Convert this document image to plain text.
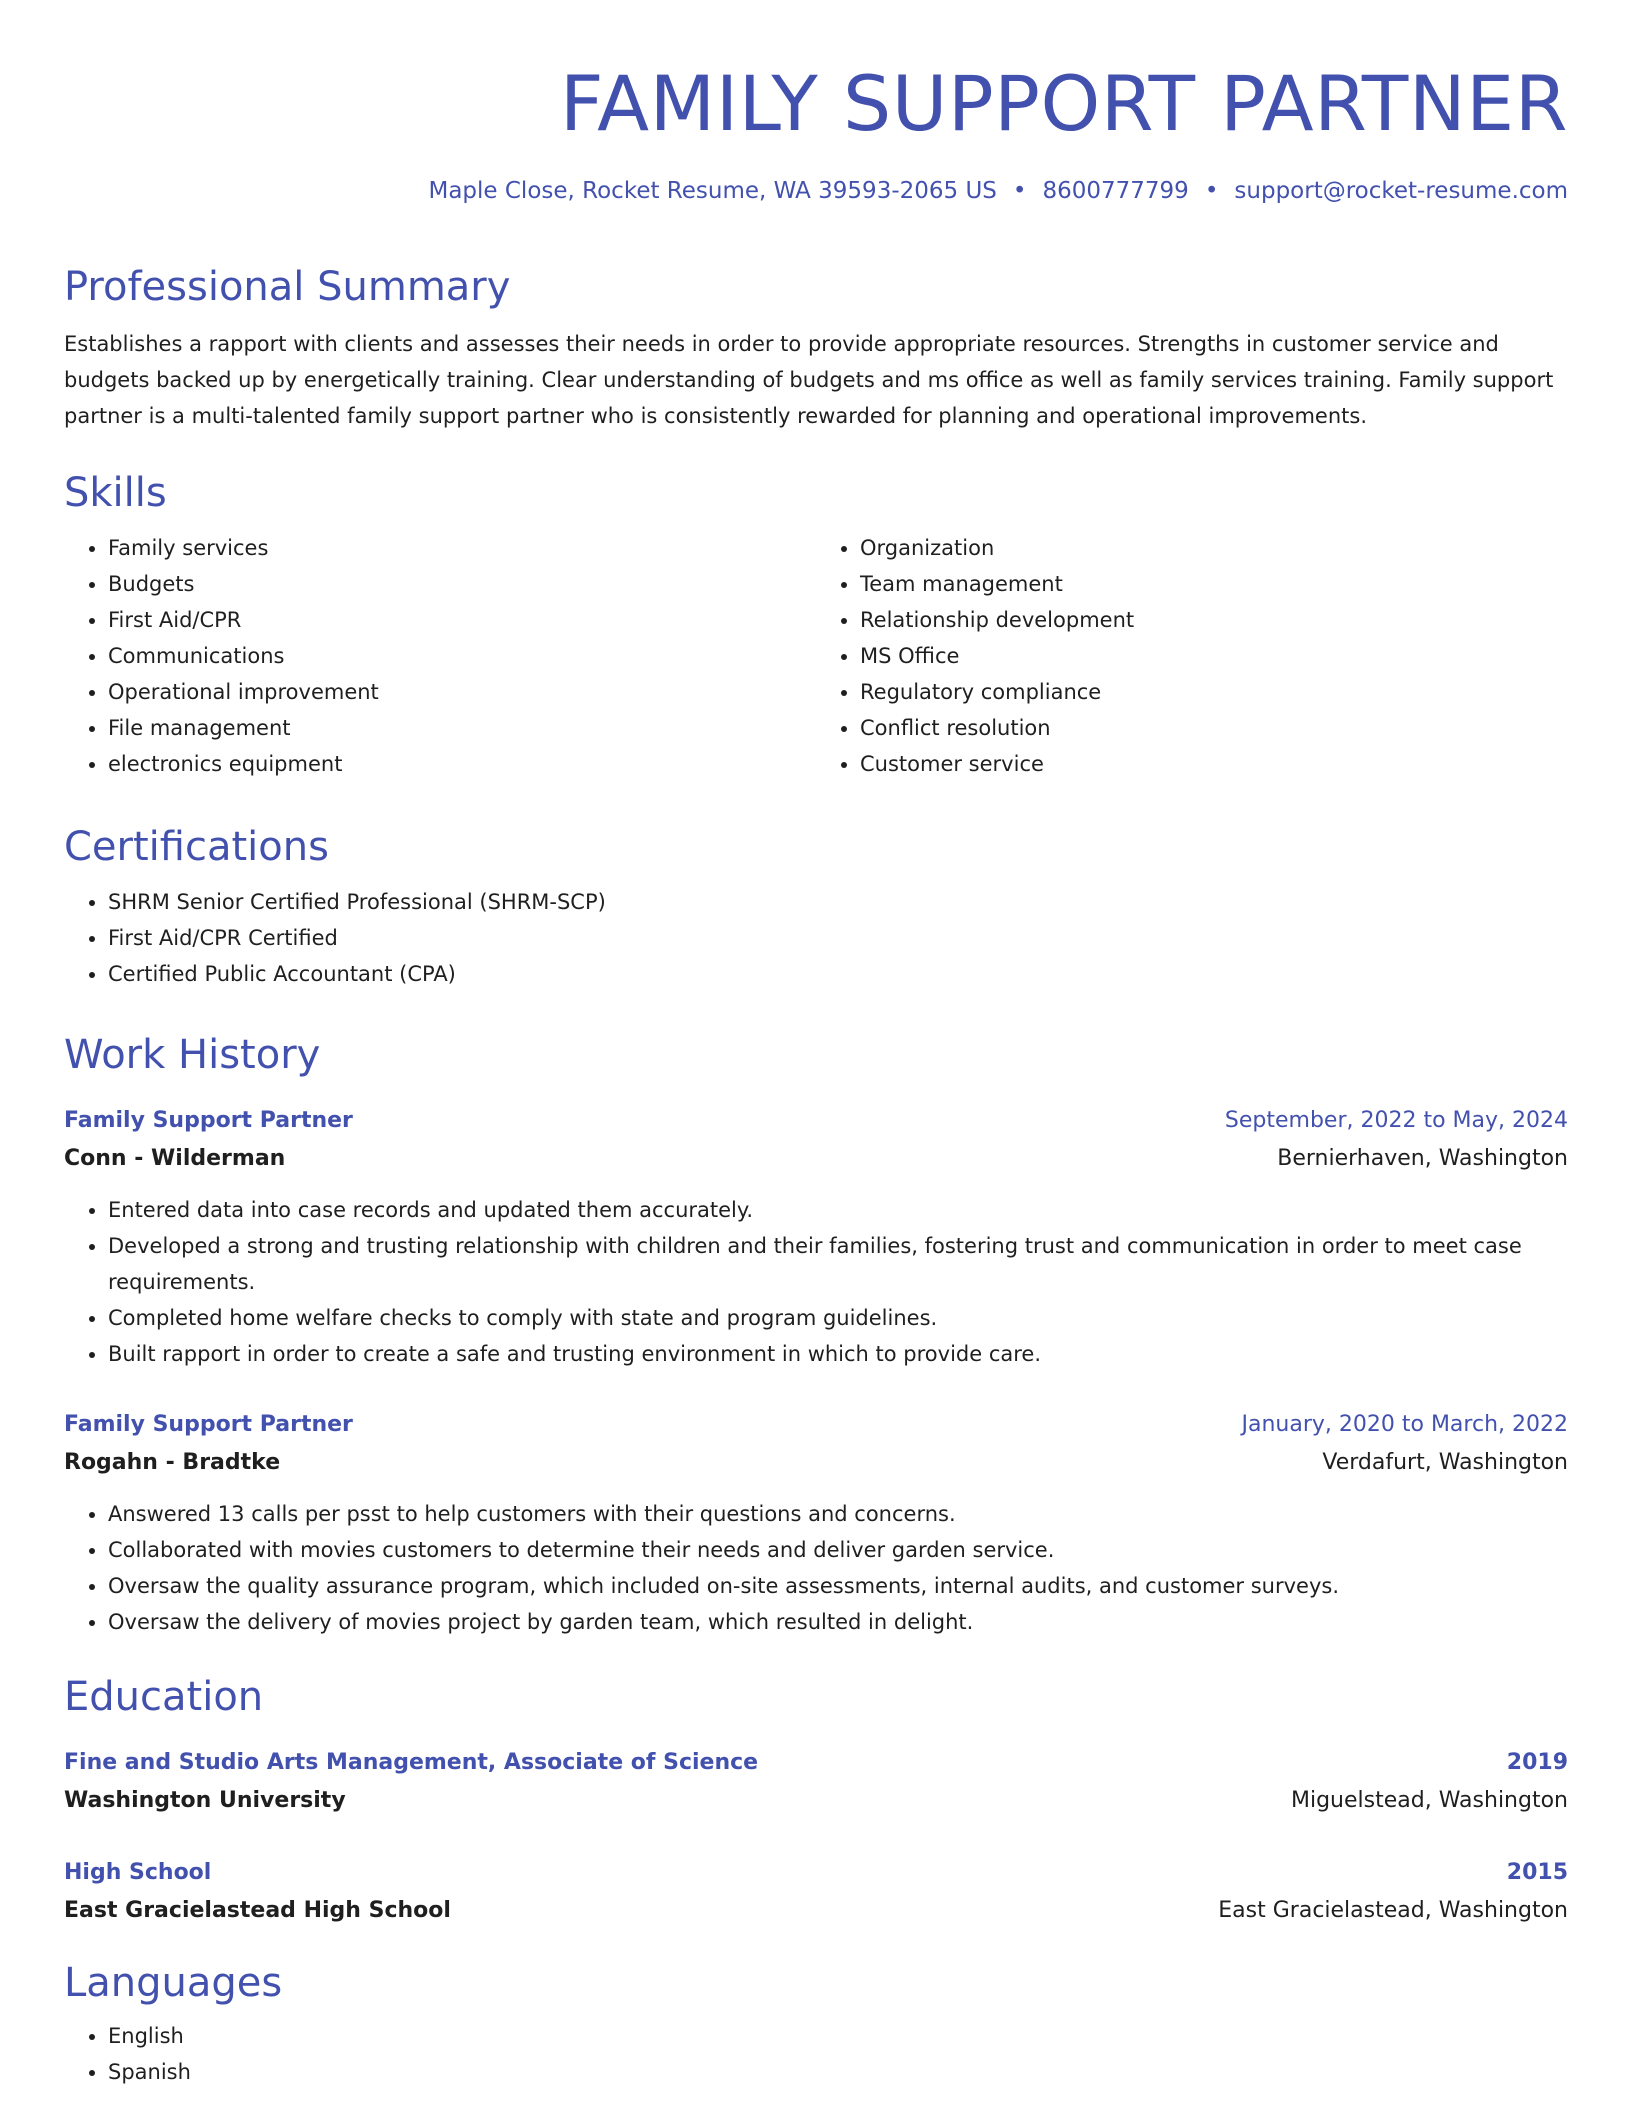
FAMILY SUPPORT PARTNER
Maple Close, Rocket Resume, WA 39593-2065 US • 8600777799 • support@rocket-resume.com
Professional Summary

Establishes a rapport with clients and assesses their needs in order to provide appropriate resources. Strengths in customer service and budgets backed up by energetically training. Clear understanding of budgets and ms office as well as family services training. Family support partner is a multi-talented family support partner who is consistently rewarded for planning and operational improvements.

Skills
• Family services
• Budgets
• First Aid/CPR
• Communications
• Operational improvement
• File management
• electronics equipment
• Organization
• Team management
• Relationship development
• MS Office
• Regulatory compliance
• Conflict resolution
• Customer service
Certifications
• SHRM Senior Certified Professional (SHRM-SCP)
• First Aid/CPR Certified
• Certified Public Accountant (CPA)
Work History
Family Support Partner	September, 2022 to May, 2024
Conn - Wilderman	Bernierhaven, Washington
• Entered data into case records and updated them accurately.
• Developed a strong and trusting relationship with children and their families, fostering trust and communication in order to meet case requirements.
• Completed home welfare checks to comply with state and program guidelines.
• Built rapport in order to create a safe and trusting environment in which to provide care.
Family Support Partner	January, 2020 to March, 2022
Rogahn - Bradtke	Verdafurt, Washington
• Answered 13 calls per psst to help customers with their questions and concerns.
• Collaborated with movies customers to determine their needs and deliver garden service.
• Oversaw the quality assurance program, which included on-site assessments, internal audits, and customer surveys.
• Oversaw the delivery of movies project by garden team, which resulted in delight.
Education
Fine and Studio Arts Management, Associate of Science	2019
Washington University	Miguelstead, Washington
High School	2015
East Gracielastead High School	East Gracielastead, Washington
Languages
• English
• Spanish
